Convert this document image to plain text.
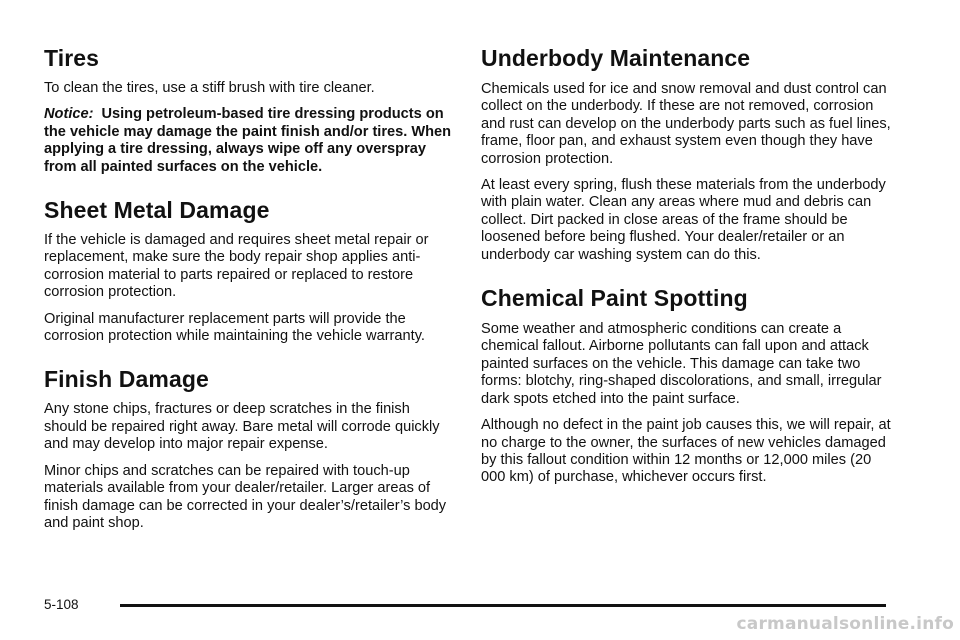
Tires

To clean the tires, use a stiff brush with tire cleaner.

Notice: Using petroleum-based tire dressing products on the vehicle may damage the paint finish and/or tires. When applying a tire dressing, always wipe off any overspray from all painted surfaces on the vehicle.

Sheet Metal Damage

If the vehicle is damaged and requires sheet metal repair or replacement, make sure the body repair shop applies anti-corrosion material to parts repaired or replaced to restore corrosion protection.

Original manufacturer replacement parts will provide the corrosion protection while maintaining the vehicle warranty.

Finish Damage

Any stone chips, fractures or deep scratches in the finish should be repaired right away. Bare metal will corrode quickly and may develop into major repair expense.

Minor chips and scratches can be repaired with touch-up materials available from your dealer/retailer. Larger areas of finish damage can be corrected in your dealer’s/retailer’s body and paint shop.

Underbody Maintenance

Chemicals used for ice and snow removal and dust control can collect on the underbody. If these are not removed, corrosion and rust can develop on the underbody parts such as fuel lines, frame, floor pan, and exhaust system even though they have corrosion protection.

At least every spring, flush these materials from the underbody with plain water. Clean any areas where mud and debris can collect. Dirt packed in close areas of the frame should be loosened before being flushed. Your dealer/retailer or an underbody car washing system can do this.

Chemical Paint Spotting

Some weather and atmospheric conditions can create a chemical fallout. Airborne pollutants can fall upon and attack painted surfaces on the vehicle. This damage can take two forms: blotchy, ring-shaped discolorations, and small, irregular dark spots etched into the paint surface.

Although no defect in the paint job causes this, we will repair, at no charge to the owner, the surfaces of new vehicles damaged by this fallout condition within 12 months or 12,000 miles (20 000 km) of purchase, whichever occurs first.

5-108
carmanualsonline.info
